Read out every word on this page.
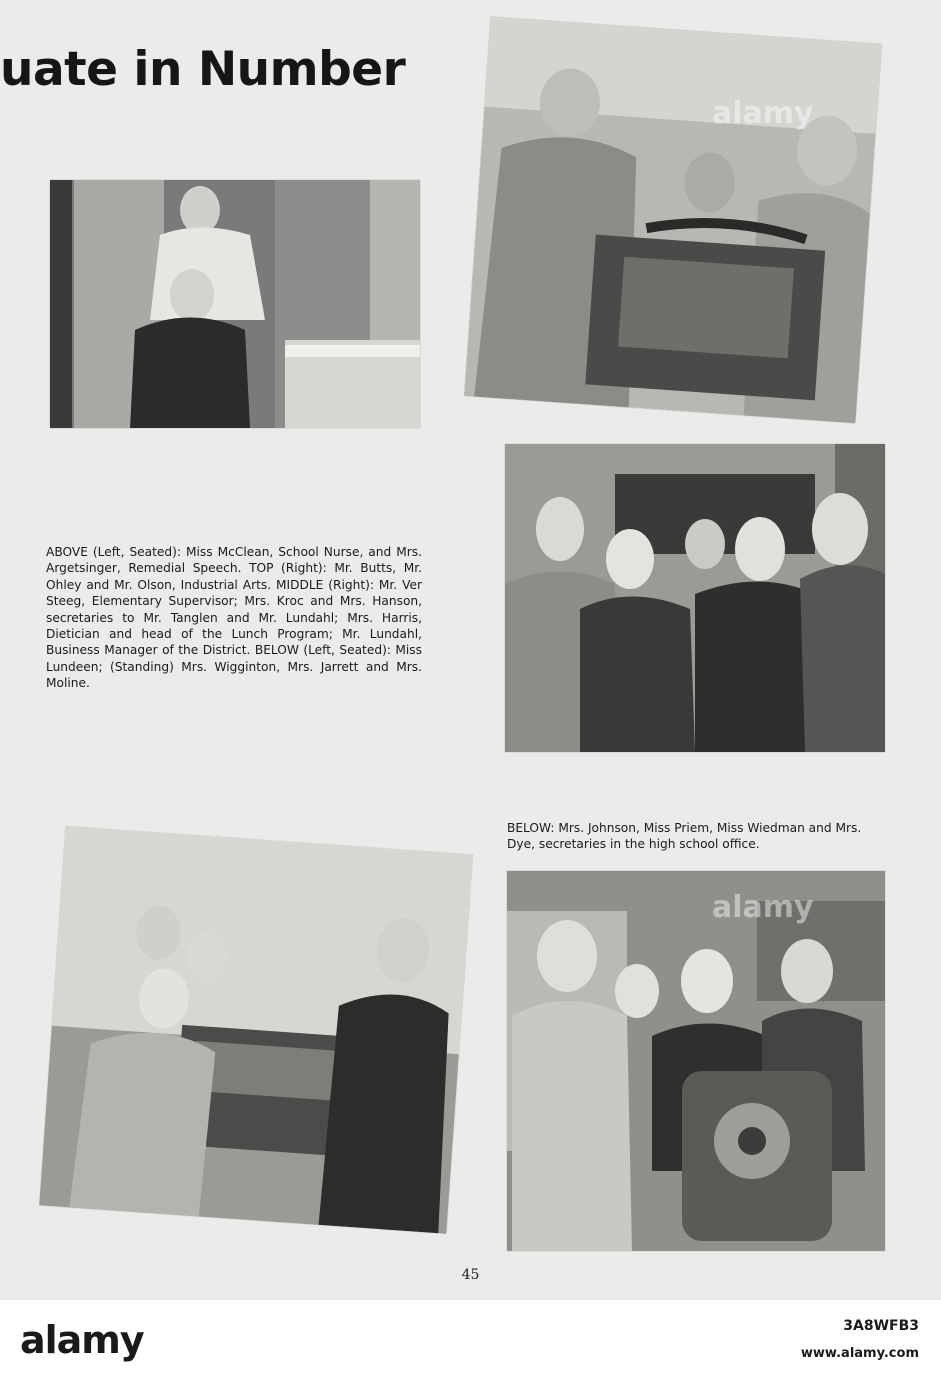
uate in Number
ABOVE (Left, Seated): Miss McClean, School Nurse, and Mrs. Argetsinger, Remedial Speech. TOP (Right): Mr. Butts, Mr. Ohley and Mr. Olson, Industrial Arts. MIDDLE (Right): Mr. Ver Steeg, Elementary Supervisor; Mrs. Kroc and Mrs. Hanson, secretaries to Mr. Tanglen and Mr. Lundahl; Mrs. Harris, Dietician and head of the Lunch Program; Mr. Lundahl, Business Manager of the District. BELOW (Left, Seated): Miss Lundeen; (Standing) Mrs. Wigginton, Mrs. Jarrett and Mrs. Moline.
BELOW: Mrs. Johnson, Miss Priem, Miss Wiedman and Mrs. Dye, secretaries in the high school office.
alamy
alamy
45
alamy	3A8WFB3
www.alamy.com
